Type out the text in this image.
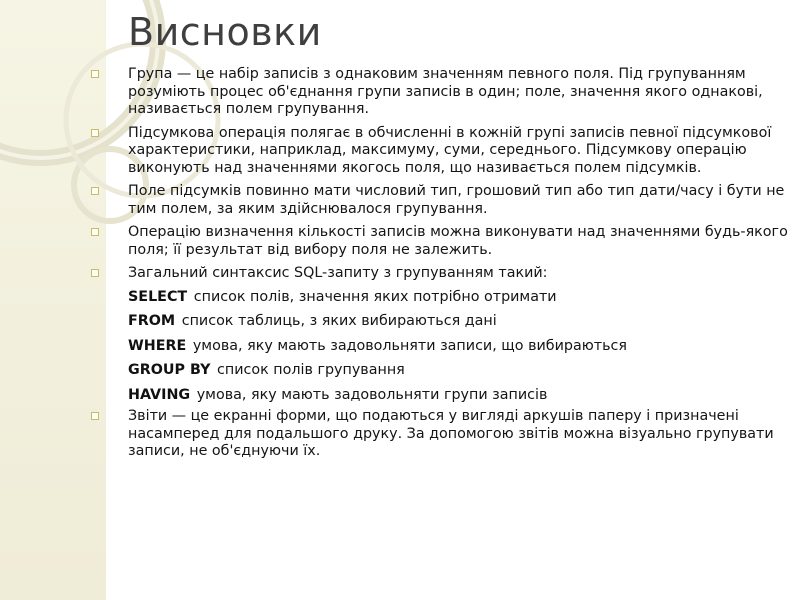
Висновки
Група — це набір записів з однаковим значенням певного поля. Під групуванням розуміють процес об'єднання групи записів в один; поле, значення якого однакові, називається полем групування.
Підсумкова операція полягає в обчисленні в кожній групі записів певної підсумкової характеристики, наприклад, максимуму, суми, середнього. Підсумкову операцію виконують над значеннями якогось поля, що називається полем підсумків.
Поле підсумків повинно мати числовий тип, грошовий тип або тип дати/часу і бути не тим полем, за яким здійснювалося групування.
Операцію визначення кількості записів можна виконувати над значеннями будь-якого поля; її результат від вибору поля не залежить.
Загальний синтаксис SQL-запиту з групуванням такий:
SELECT список полів, значення яких потрібно отримати
FROM список таблиць, з яких вибираються дані
WHERE умова, яку мають задовольняти записи, що вибираються
GROUP BY список полів групування
HAVING умова, яку мають задовольняти групи записів
Звіти — це екранні форми, що подаються у вигляді аркушів паперу і призначені насамперед для подальшого друку. За допомогою звітів можна візуально групувати записи, не об'єднуючи їх.
